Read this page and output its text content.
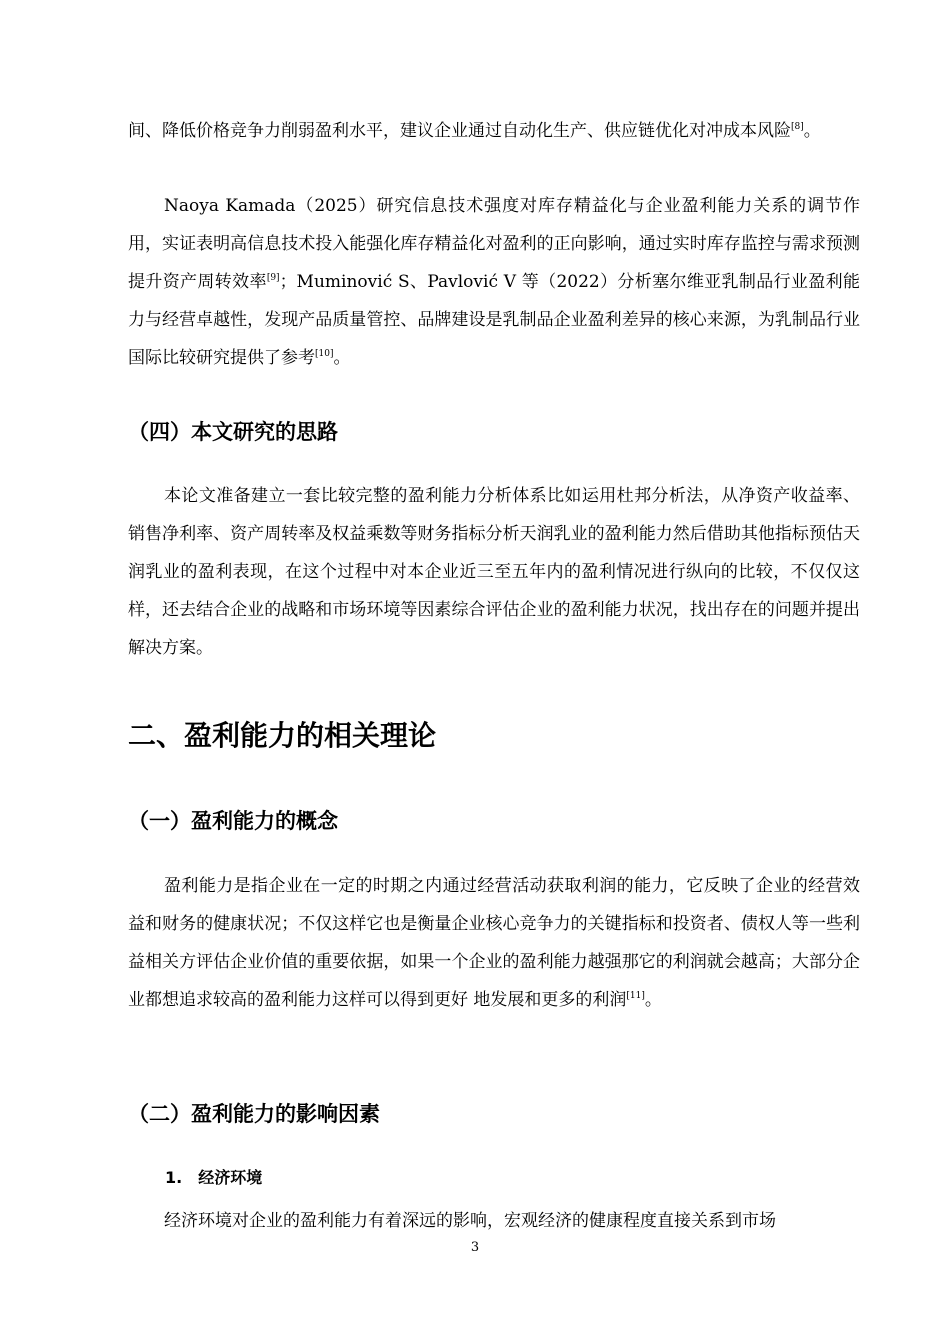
间、降低价格竞争力削弱盈利水平，建议企业通过自动化生产、供应链优化对冲成本风险[8]。

Naoya Kamada（2025）研究信息技术强度对库存精益化与企业盈利能力关系的调节作用，实证表明高信息技术投入能强化库存精益化对盈利的正向影响，通过实时库存监控与需求预测提升资产周转效率[9]；Muminović S、Pavlović V 等（2022）分析塞尔维亚乳制品行业盈利能力与经营卓越性，发现产品质量管控、品牌建设是乳制品企业盈利差异的核心来源，为乳制品行业国际比较研究提供了参考[10]。

（四）本文研究的思路

本论文准备建立一套比较完整的盈利能力分析体系比如运用杜邦分析法，从净资产收益率、销售净利率、资产周转率及权益乘数等财务指标分析天润乳业的盈利能力然后借助其他指标预估天润乳业的盈利表现，在这个过程中对本企业近三至五年内的盈利情况进行纵向的比较，不仅仅这样，还去结合企业的战略和市场环境等因素综合评估企业的盈利能力状况，找出存在的问题并提出解决方案。

二、盈利能力的相关理论
（一）盈利能力的概念

盈利能力是指企业在一定的时期之内通过经营活动获取利润的能力，它反映了企业的经营效益和财务的健康状况；不仅这样它也是衡量企业核心竞争力的关键指标和投资者、债权人等一些利益相关方评估企业价值的重要依据，如果一个企业的盈利能力越强那它的利润就会越高；大部分企业都想追求较高的盈利能力这样可以得到更好 地发展和更多的利润[11]。

（二）盈利能力的影响因素
1.　经济环境

经济环境对企业的盈利能力有着深远的影响，宏观经济的健康程度直接关系到市场

3
